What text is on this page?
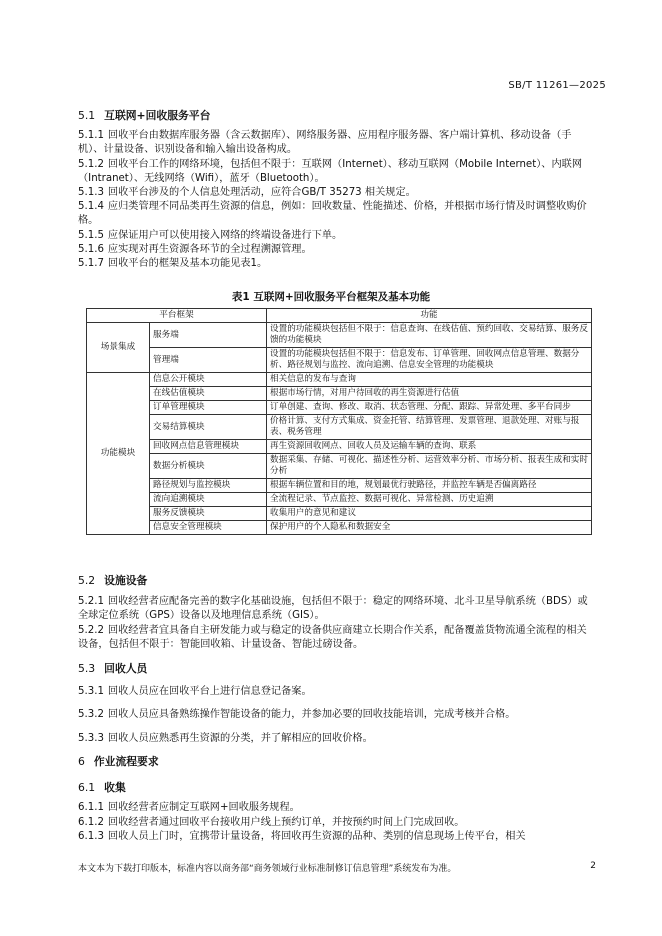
SB/T 11261—2025

5.1 互联网+回收服务平台

5.1.1 回收平台由数据库服务器（含云数据库）、网络服务器、应用程序服务器、客户端计算机、移动设备（手机）、计量设备、识别设备和输入输出设备构成。

5.1.2 回收平台工作的网络环境，包括但不限于：互联网（Internet）、移动互联网（Mobile Internet）、内联网（Intranet）、无线网络（Wifi），蓝牙（Bluetooth）。

5.1.3 回收平台涉及的个人信息处理活动，应符合GB/T 35273 相关规定。

5.1.4 应归类管理不同品类再生资源的信息，例如：回收数量、性能描述、价格，并根据市场行情及时调整收购价格。

5.1.5 应保证用户可以使用接入网络的终端设备进行下单。

5.1.6 应实现对再生资源各环节的全过程溯源管理。

5.1.7 回收平台的框架及基本功能见表1。

表1 互联网+回收服务平台框架及基本功能
平台框架		功能
场景集成	服务端	设置的功能模块包括但不限于：信息查询、在线估值、预约回收、交易结算、服务反馈的功能模块
	管理端	设置的功能模块包括但不限于：信息发布、订单管理、回收网点信息管理、数据分析、路径规划与监控、流向追溯、信息安全管理的功能模块
功能模块	信息公开模块	相关信息的发布与查询
	在线估值模块	根据市场行情，对用户待回收的再生资源进行估值
	订单管理模块	订单创建、查询、修改、取消、状态管理、分配、跟踪、异常处理、多平台同步
	交易结算模块	价格计算、支付方式集成、资金托管、结算管理、发票管理、退款处理、对账与报表、税务管理
	回收网点信息管理模块	再生资源回收网点、回收人员及运输车辆的查询、联系
	数据分析模块	数据采集、存储、可视化、描述性分析、运营效率分析、市场分析、报表生成和实时分析
	路径规划与监控模块	根据车辆位置和目的地，规划最优行驶路径，并监控车辆是否偏离路径
	流向追溯模块	全流程记录、节点监控、数据可视化、异常检测、历史追溯
	服务反馈模块	收集用户的意见和建议
	信息安全管理模块	保护用户的个人隐私和数据安全

5.2 设施设备

5.2.1 回收经营者应配备完善的数字化基础设施，包括但不限于：稳定的网络环境、北斗卫星导航系统（BDS）或全球定位系统（GPS）设备以及地理信息系统（GIS）。

5.2.2 回收经营者宜具备自主研发能力或与稳定的设备供应商建立长期合作关系，配备覆盖货物流通全流程的相关设备，包括但不限于：智能回收箱、计量设备、智能过磅设备。

5.3 回收人员

5.3.1 回收人员应在回收平台上进行信息登记备案。

5.3.2 回收人员应具备熟练操作智能设备的能力，并参加必要的回收技能培训，完成考核并合格。

5.3.3 回收人员应熟悉再生资源的分类，并了解相应的回收价格。

6 作业流程要求

6.1 收集

6.1.1 回收经营者应制定互联网+回收服务规程。

6.1.2 回收经营者通过回收平台接收用户线上预约订单，并按预约时间上门完成回收。

6.1.3 回收人员上门时，宜携带计量设备，将回收再生资源的品种、类别的信息现场上传平台，相关

本文本为下载打印版本，标准内容以商务部“商务领域行业标准制修订信息管理”系统发布为准。	2
